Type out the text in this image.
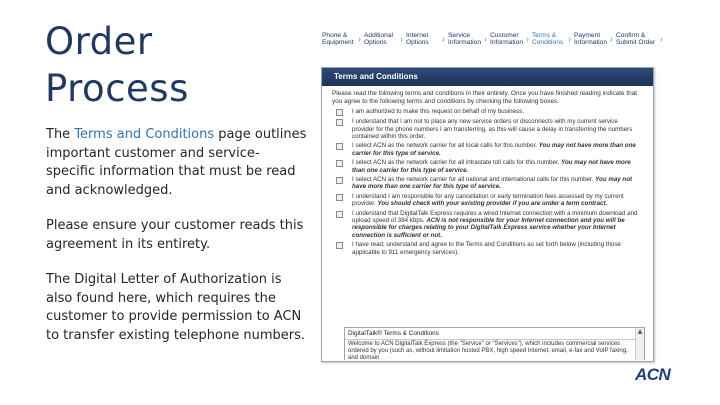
Order
Process

The Terms and Conditions page outlines important customer and service-specific information that must be read and acknowledged.

Please ensure your customer reads this agreement in its entirety.

The Digital Letter of Authorization is also found here, which requires the customer to provide permission to ACN to transfer existing telephone numbers.

Phone & Equipment › Additional Options	› Internet Options	› Service Information › Customer Information › Terms & Conditions › Payment Information › Confirm & Submit Order ›
Terms and Conditions
Please read the following terms and conditions in their entirety. Once you have finished reading indicate that you agree to the following terms and conditions by checking the following boxes.
I am authorized to make this request on behalf of my business.
I understand that I am not to place any new service orders or disconnects with my current service provider for the phone numbers I am transferring, as this will cause a delay in transferring the numbers contained within this order.
I select ACN as the network carrier for all local calls for this number. You may not have more than one carrier for this type of service.
I select ACN as the network carrier for all intrastate toll calls for this number. You may not have more than one carrier for this type of service.
I select ACN as the network carrier for all national and international calls for this number. You may not have more than one carrier for this type of service.
I understand I am responsible for any cancellation or early termination fees assessed by my current provider. You should check with your existing provider if you are under a term contract.
I understand that DigitalTalk Express requires a wired Internet connection with a minimum download and upload speed of 384 kbps. ACN is not responsible for your Internet connection and you will be responsible for charges relating to your DigitalTalk Express service whether your Internet connection is sufficient or not.
I have read, understand and agree to the Terms and Conditions as set forth below (including those applicable to 911 emergency services).
DigitalTalk® Terms & Conditions
Welcome to ACN DigitalTalk Express (the "Service" or "Services"), which includes commercial services ordered by you (such as, without limitation hosted PBX, high speed Internet, email, e-fax and VoIP faxing, and domain
▲
ACN
